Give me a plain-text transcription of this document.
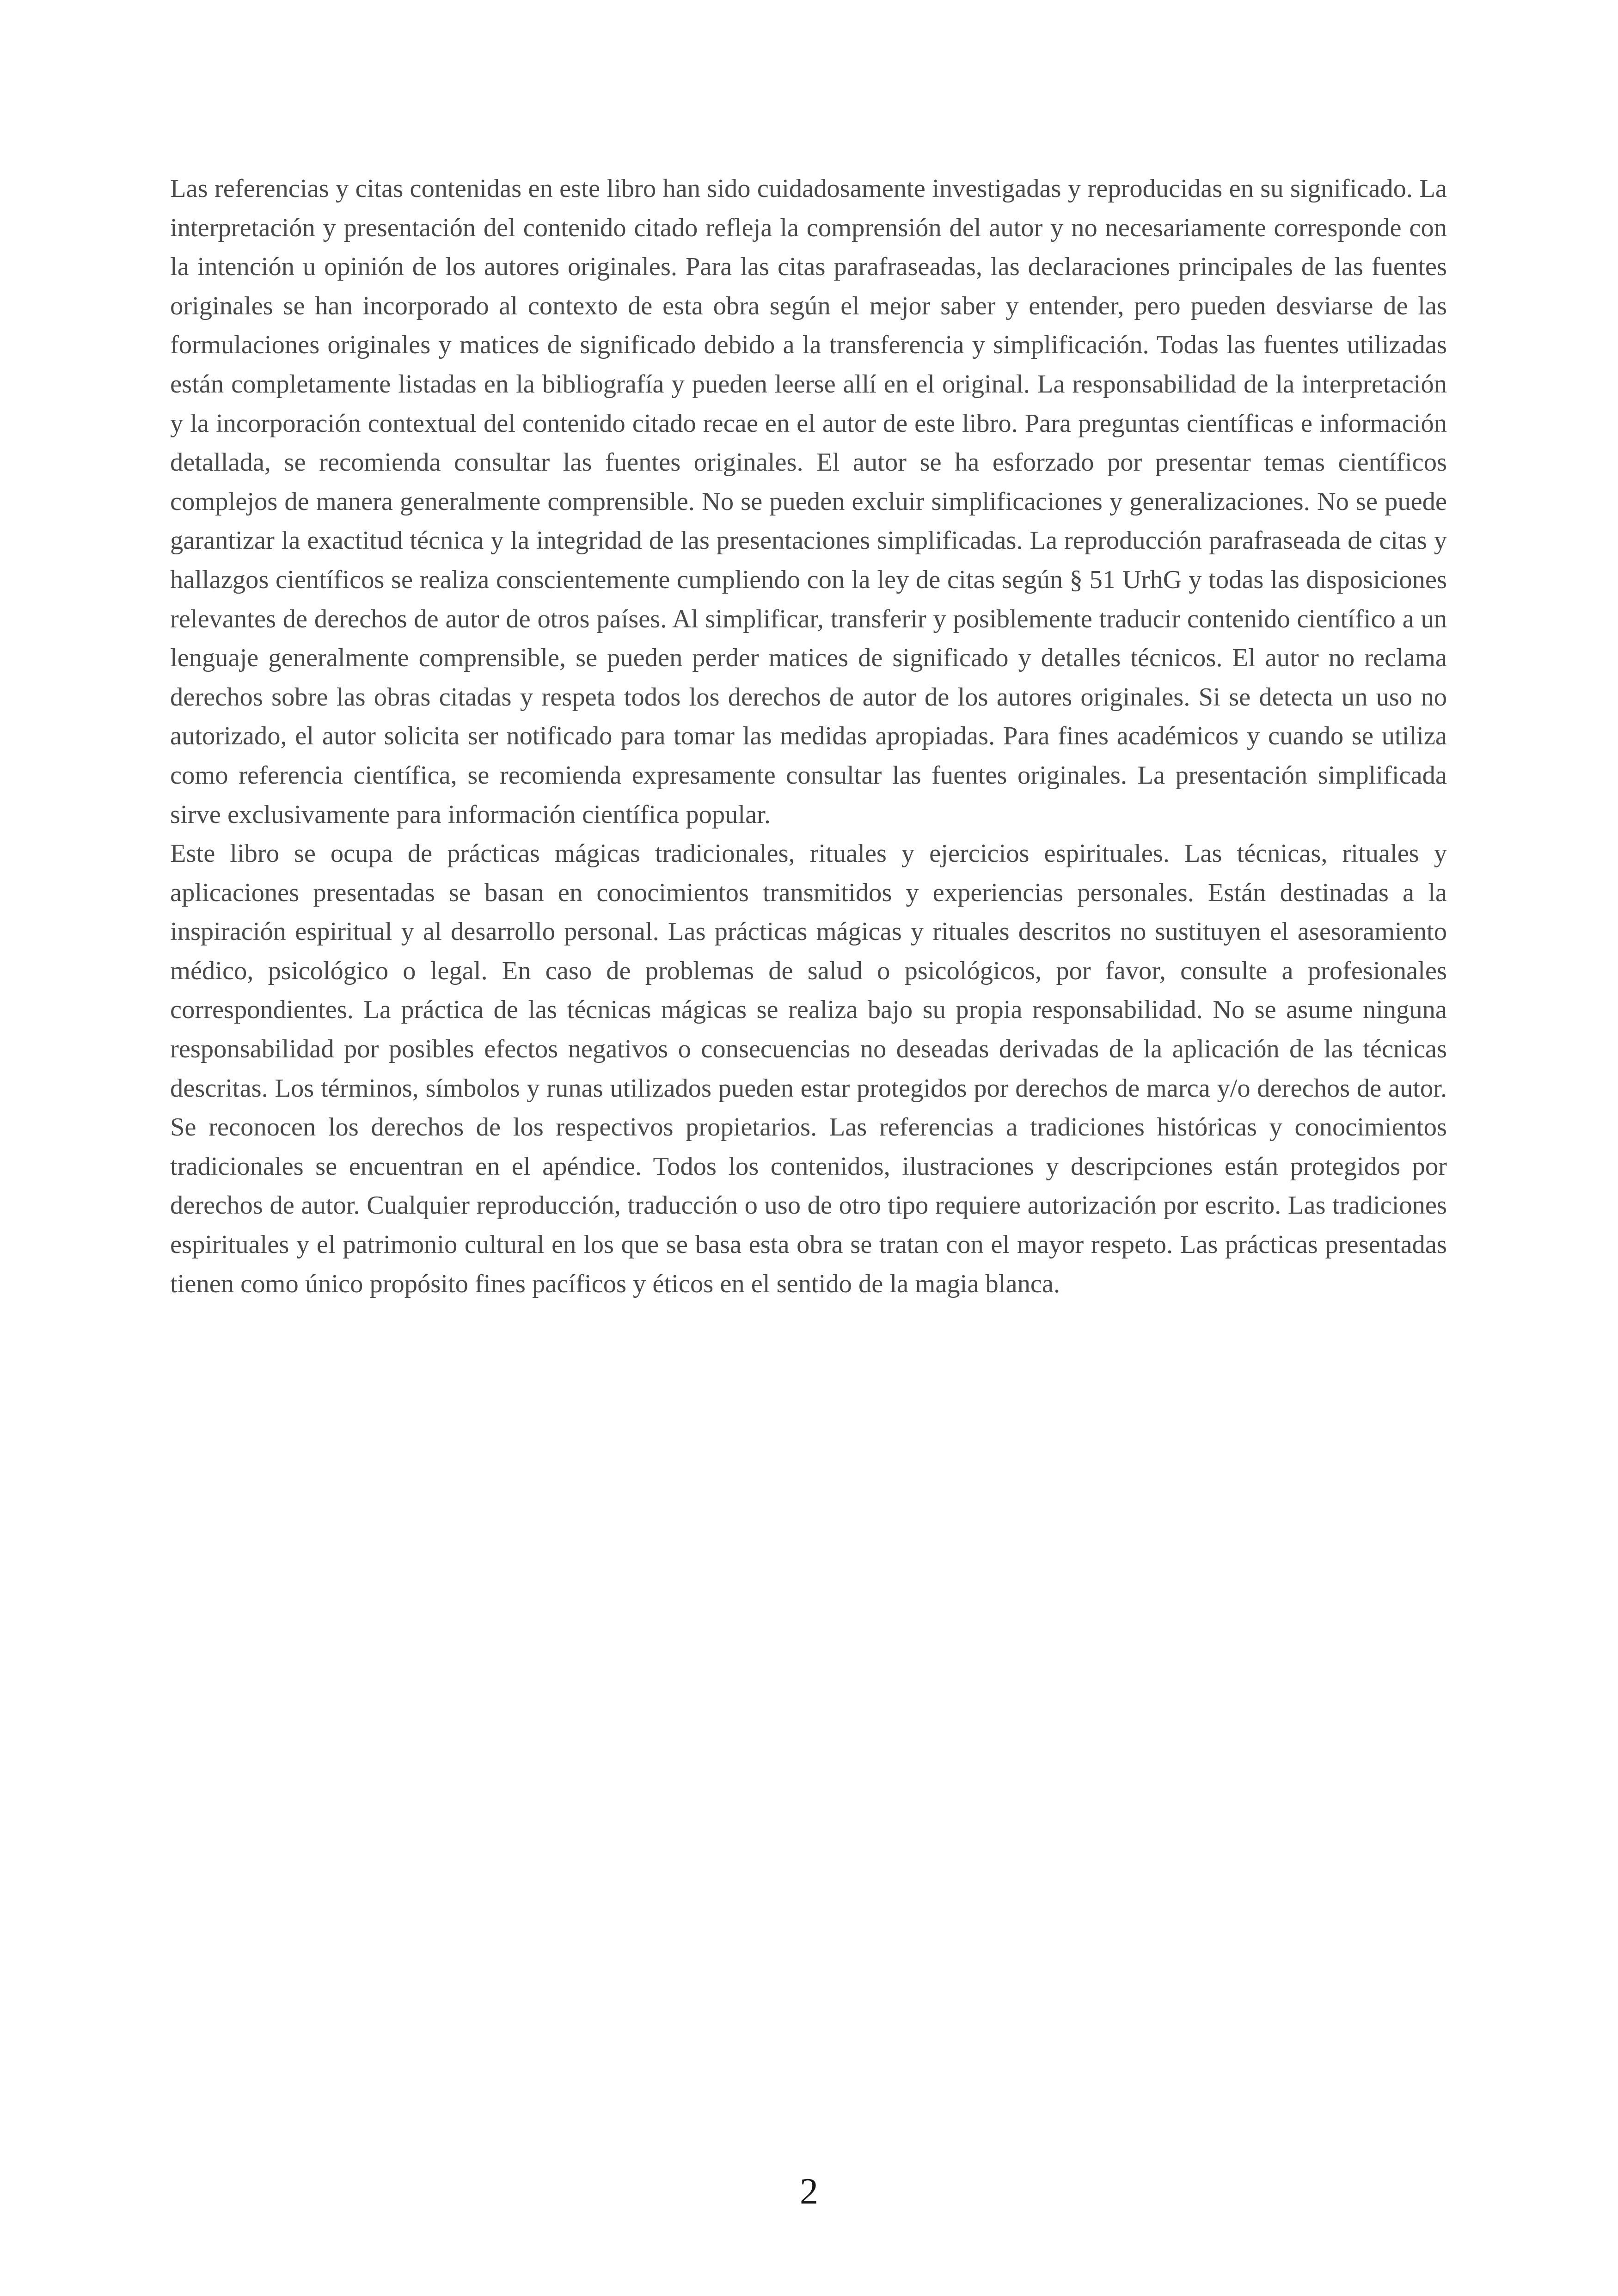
Las referencias y citas contenidas en este libro han sido cuidadosamente investigadas y reproducidas en su significado. La interpretación y presentación del contenido citado refleja la comprensión del autor y no necesariamente corresponde con la intención u opinión de los autores originales. Para las citas parafraseadas, las declaraciones principales de las fuentes originales se han incorporado al contexto de esta obra según el mejor saber y entender, pero pueden desviarse de las formulaciones originales y matices de significado debido a la transferencia y simplificación. Todas las fuentes utilizadas están completamente listadas en la bibliografía y pueden leerse allí en el original. La responsabilidad de la interpretación y la incorporación contextual del contenido citado recae en el autor de este libro. Para preguntas científicas e información detallada, se recomienda consultar las fuentes originales. El autor se ha esforzado por presentar temas científicos complejos de manera generalmente comprensible. No se pueden excluir simplificaciones y generalizaciones. No se puede garantizar la exactitud técnica y la integridad de las presentaciones simplificadas. La reproducción parafraseada de citas y hallazgos científicos se realiza conscientemente cumpliendo con la ley de citas según § 51 UrhG y todas las disposiciones relevantes de derechos de autor de otros países. Al simplificar, transferir y posiblemente traducir contenido científico a un lenguaje generalmente comprensible, se pueden perder matices de significado y detalles técnicos. El autor no reclama derechos sobre las obras citadas y respeta todos los derechos de autor de los autores originales. Si se detecta un uso no autorizado, el autor solicita ser notificado para tomar las medidas apropiadas. Para fines académicos y cuando se utiliza como referencia científica, se recomienda expresamente consultar las fuentes originales. La presentación simplificada sirve exclusivamente para información científica popular.

Este libro se ocupa de prácticas mágicas tradicionales, rituales y ejercicios espirituales. Las técnicas, rituales y aplicaciones presentadas se basan en conocimientos transmitidos y experiencias personales. Están destinadas a la inspiración espiritual y al desarrollo personal. Las prácticas mágicas y rituales descritos no sustituyen el asesoramiento médico, psicológico o legal. En caso de problemas de salud o psicológicos, por favor, consulte a profesionales correspondientes. La práctica de las técnicas mágicas se realiza bajo su propia responsabilidad. No se asume ninguna responsabilidad por posibles efectos negativos o consecuencias no deseadas derivadas de la aplicación de las técnicas descritas. Los términos, símbolos y runas utilizados pueden estar protegidos por derechos de marca y/o derechos de autor. Se reconocen los derechos de los respectivos propietarios. Las referencias a tradiciones históricas y conocimientos tradicionales se encuentran en el apéndice. Todos los contenidos, ilustraciones y descripciones están protegidos por derechos de autor. Cualquier reproducción, traducción o uso de otro tipo requiere autorización por escrito. Las tradiciones espirituales y el patrimonio cultural en los que se basa esta obra se tratan con el mayor respeto. Las prácticas presentadas tienen como único propósito fines pacíficos y éticos en el sentido de la magia blanca.

2
